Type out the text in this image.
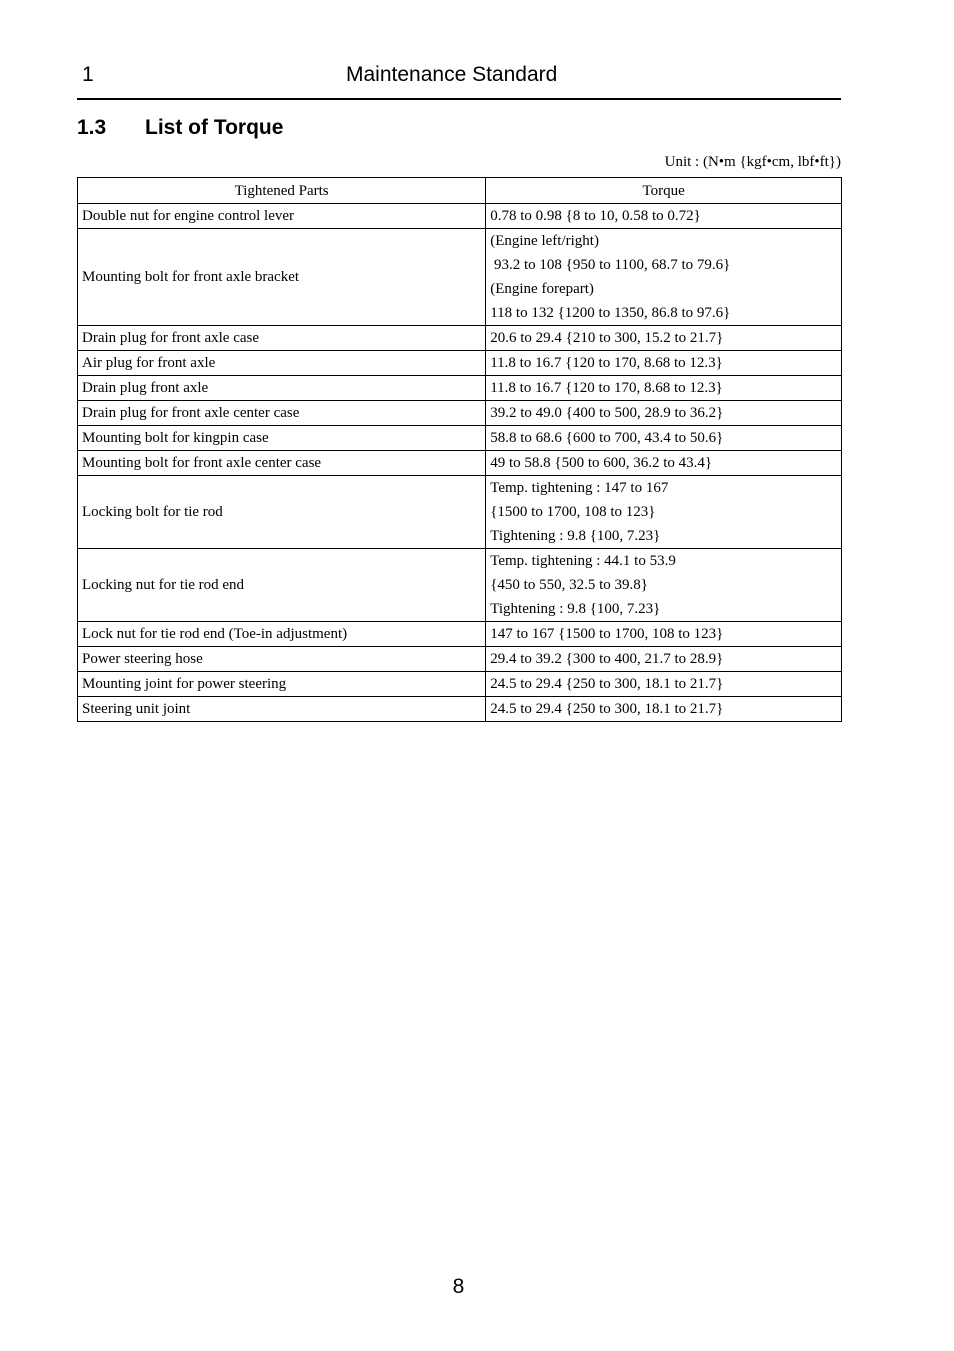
1	Maintenance Standard
1.3 List of Torque
Unit : (N•m {kgf•cm, lbf•ft})
Tightened Parts	Torque
Double nut for engine control lever	0.78 to 0.98 {8 to 10, 0.58 to 0.72}

Mounting bolt for front axle bracket	(Engine left/right)
93.2 to 108 {950 to 1100, 68.7 to 79.6}
(Engine forepart)
118 to 132 {1200 to 1350, 86.8 to 97.6}

Drain plug for front axle case	20.6 to 29.4 {210 to 300, 15.2 to 21.7}

Air plug for front axle	11.8 to 16.7 {120 to 170, 8.68 to 12.3}

Drain plug front axle	11.8 to 16.7 {120 to 170, 8.68 to 12.3}

Drain plug for front axle center case	39.2 to 49.0 {400 to 500, 28.9 to 36.2}

Mounting bolt for kingpin case	58.8 to 68.6 {600 to 700, 43.4 to 50.6}

Mounting bolt for front axle center case	49 to 58.8 {500 to 600, 36.2 to 43.4}

Locking bolt for tie rod	Temp. tightening : 147 to 167
{1500 to 1700, 108 to 123}
Tightening : 9.8 {100, 7.23}

Locking nut for tie rod end	Temp. tightening : 44.1 to 53.9
{450 to 550, 32.5 to 39.8}
Tightening : 9.8 {100, 7.23}

Lock nut for tie rod end (Toe-in adjustment)	147 to 167 {1500 to 1700, 108 to 123}

Power steering hose	29.4 to 39.2 {300 to 400, 21.7 to 28.9}

Mounting joint for power steering	24.5 to 29.4 {250 to 300, 18.1 to 21.7}

Steering unit joint	24.5 to 29.4 {250 to 300, 18.1 to 21.7}
8
